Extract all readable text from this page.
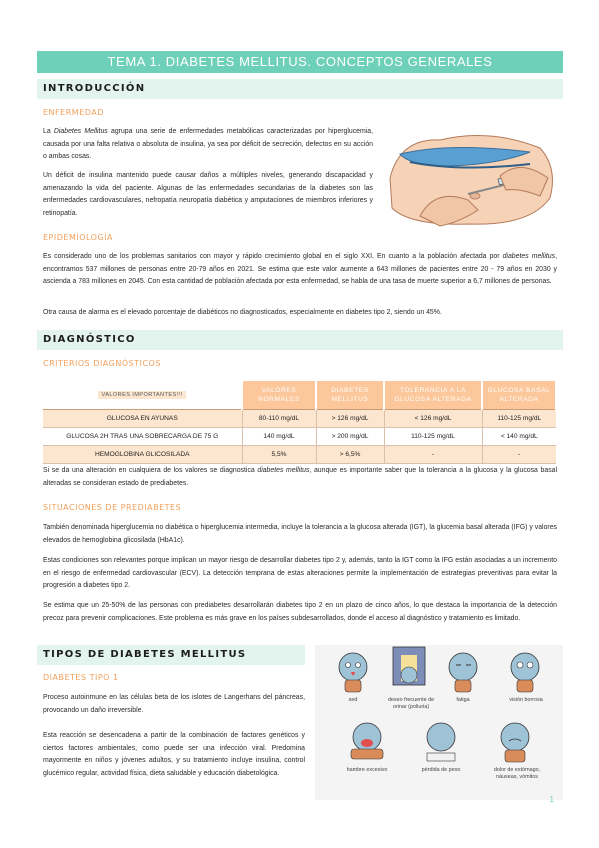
TEMA 1. DIABETES MELLITUS. CONCEPTOS GENERALES
INTRODUCCIÓN
ENFERMEDAD
La Diabetes Mellitus agrupa una serie de enfermedades metabólicas caracterizadas por hiperglucemia, causada por una falta relativa o absoluta de insulina, ya sea por déficit de secreción, defectos en su acción o ambas cosas.
Un déficit de insulina mantenido puede causar daños a múltiples niveles, generando discapacidad y amenazando la vida del paciente. Algunas de las enfermedades secundarias de la diabetes son las enfermedades cardiovasculares, nefropatía neuropatía diabética y amputaciones de miembros inferiores y retinopatía.
EPIDEMIOLOGÍA
Es considerado uno de los problemas sanitarios con mayor y rápido crecimiento global en el siglo XXI. En cuanto a la población afectada por diabetes mellitus, encontramos 537 millones de personas entre 20-79 años en 2021. Se estima que este valor aumente a 643 millones de pacientes entre 20 - 79 años en 2030 y ascienda a 783 millones en 2045. Con esta cantidad de población afectada por esta enfermedad, se habla de una tasa de muerte superior a 6,7 millones de personas.
Otra causa de alarma es el elevado porcentaje de diabéticos no diagnosticados, especialmente en diabetes tipo 2, siendo un 45%.
DIAGNÓSTICO
CRITERIOS DIAGNÓSTICOS
VALORES IMPORTANTES!!!	VALORES NORMALES	DIABETES MELLITUS	TOLERANCIA A LA GLUCOSA ALTERADA	GLUCOSA BASAL ALTERADA
GLUCOSA EN AYUNAS	80-110 mg/dL	> 126 mg/dL	< 126 mg/dL	110-125 mg/dL
GLUCOSA 2H TRAS UNA SOBRECARGA DE 75 G	140 mg/dL	> 200 mg/dL	110-125 mg/dL	< 140 mg/dL
HEMOGLOBINA GLICOSILADA	5,5%	> 6,5%	-	-
Si se da una alteración en cualquiera de los valores se diagnostica diabetes mellitus, aunque es importante saber que la tolerancia a la glucosa y la glucosa basal alteradas se consideran estado de prediabetes.
SITUACIONES DE PREDIABETES
También denominada hiperglucemia no diabética o hiperglucemia intermedia, incluye la tolerancia a la glucosa alterada (IGT), la glucemia basal alterada (IFG) y valores elevados de hemoglobina glicosilada (HbA1c).
Estas condiciones son relevantes porque implican un mayor riesgo de desarrollar diabetes tipo 2 y, además, tanto la IGT como la IFG están asociadas a un incremento en el riesgo de enfermedad cardiovascular (ECV). La detección temprana de estas alteraciones permite la implementación de estrategias preventivas para evitar la progresión a diabetes tipo 2.
Se estima que un 25-50% de las personas con prediabetes desarrollarán diabetes tipo 2 en un plazo de cinco años, lo que destaca la importancia de la detección precoz para prevenir complicaciones. Este problema es más grave en los países subdesarrollados, donde el acceso al diagnóstico y tratamiento es limitado.
TIPOS DE DIABETES MELLITUS
DIABETES TIPO 1
Proceso autoinmune en las células beta de los islotes de Langerhans del páncreas, provocando un daño irreversible.
Esta reacción se desencadena a partir de la combinación de factores genéticos y ciertos factores ambientales, como puede ser una infección viral. Predomina mayormente en niños y jóvenes adultos, y su tratamiento incluye insulina, control glucémico regular, actividad física, dieta saludable y educación diabetológica.
sed	deseo frecuente de orinar (poliuria)
fatiga	visión borrosa
hambre excesivo	pérdida de peso	dolor de estómago, náuseas, vómitos
1
